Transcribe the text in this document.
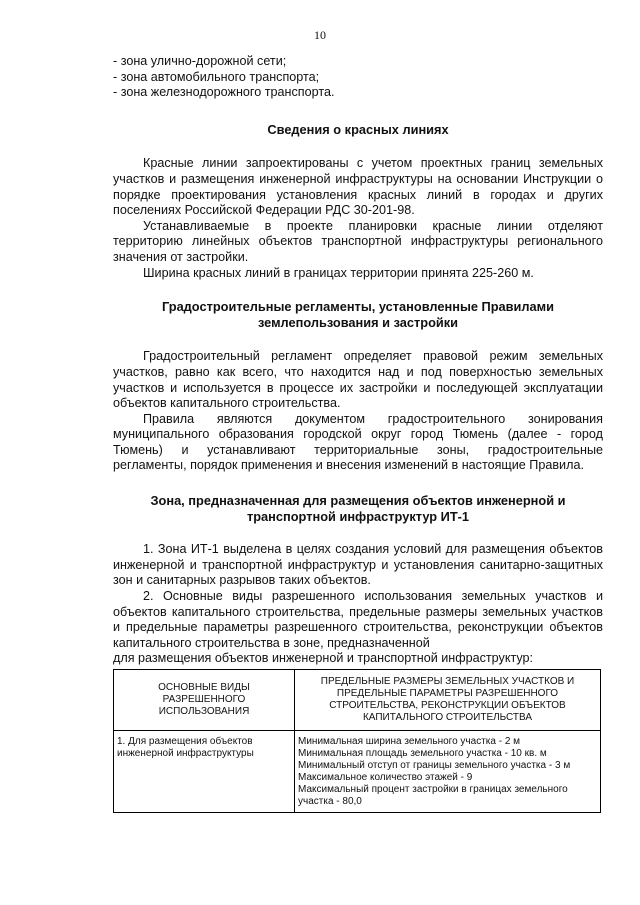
10
- зона улично-дорожной сети;
- зона автомобильного транспорта;
- зона железнодорожного транспорта.
Сведения о красных линиях

Красные линии запроектированы с учетом проектных границ земельных участков и размещения инженерной инфраструктуры на основании Инструкции о порядке проектирования установления красных линий в городах и других поселениях Российской Федерации РДС 30-201-98.

Устанавливаемые в проекте планировки красные линии отделяют территорию линейных объектов транспортной инфраструктуры регионального значения от застройки.

Ширина красных линий в границах территории принята 225-260 м.

Градостроительные регламенты, установленные Правилами
землепользования и застройки

Градостроительный регламент определяет правовой режим земельных участков, равно как всего, что находится над и под поверхностью земельных участков и используется в процессе их застройки и последующей эксплуатации объектов капитального строительства.

Правила являются документом градостроительного зонирования муниципального образования городской округ город Тюмень (далее - город Тюмень) и устанавливают территориальные зоны, градостроительные регламенты, порядок применения и внесения изменений в настоящие Правила.

Зона, предназначенная для размещения объектов инженерной и
транспортной инфраструктур ИТ-1

1. Зона ИТ-1 выделена в целях создания условий для размещения объектов инженерной и транспортной инфраструктур и установления санитарно-защитных зон и санитарных разрывов таких объектов.

2. Основные виды разрешенного использования земельных участков и объектов капитального строительства, предельные размеры земельных участков и предельные параметры разрешенного строительства, реконструкции объектов капитального строительства в зоне, предназначенной

для размещения объектов инженерной и транспортной инфраструктур:
ОСНОВНЫЕ ВИДЫ РАЗРЕШЕННОГО ИСПОЛЬЗОВАНИЯ	ПРЕДЕЛЬНЫЕ РАЗМЕРЫ ЗЕМЕЛЬНЫХ УЧАСТКОВ И ПРЕДЕЛЬНЫЕ ПАРАМЕТРЫ РАЗРЕШЕННОГО СТРОИТЕЛЬСТВА, РЕКОНСТРУКЦИИ ОБЪЕКТОВ КАПИТАЛЬНОГО СТРОИТЕЛЬСТВА
1. Для размещения объектов инженерной инфраструктуры	Минимальная ширина земельного участка - 2 м
Минимальная площадь земельного участка - 10 кв. м
Минимальный отступ от границы земельного участка - 3 м
Максимальное количество этажей - 9
Максимальный процент застройки в границах земельного участка - 80,0
